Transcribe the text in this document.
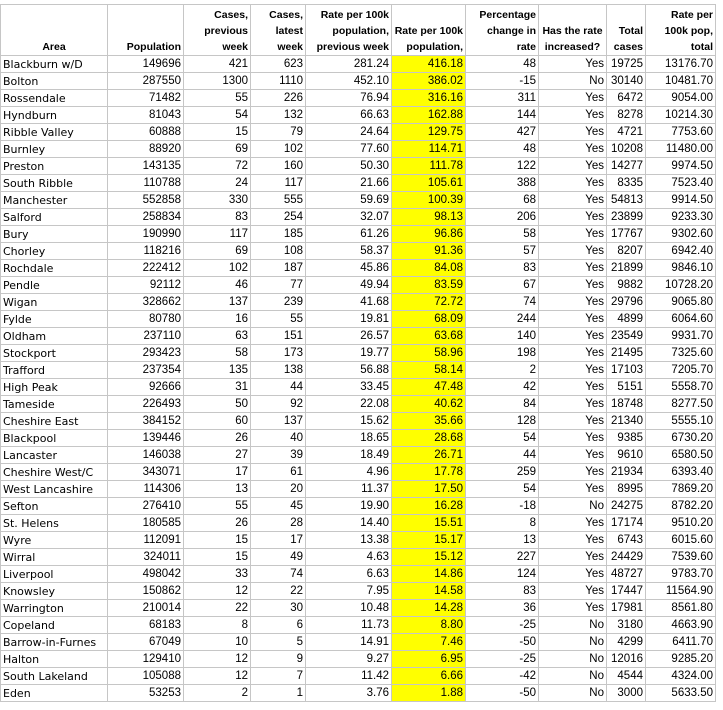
Area	Population	Cases, previous week	Cases, latest week	Rate per 100k population, previous week	Rate per 100k population,	Percentage change in rate	Has the rate increased?	Total cases	Rate per 100k pop, total
Blackburn w/D	149696	421	623	281.24	416.18	48	Yes	19725	13176.70
Bolton	287550	1300	1110	452.10	386.02	-15	No	30140	10481.70
Rossendale	71482	55	226	76.94	316.16	311	Yes	6472	9054.00
Hyndburn	81043	54	132	66.63	162.88	144	Yes	8278	10214.30
Ribble Valley	60888	15	79	24.64	129.75	427	Yes	4721	7753.60
Burnley	88920	69	102	77.60	114.71	48	Yes	10208	11480.00
Preston	143135	72	160	50.30	111.78	122	Yes	14277	9974.50
South Ribble	110788	24	117	21.66	105.61	388	Yes	8335	7523.40
Manchester	552858	330	555	59.69	100.39	68	Yes	54813	9914.50
Salford	258834	83	254	32.07	98.13	206	Yes	23899	9233.30
Bury	190990	117	185	61.26	96.86	58	Yes	17767	9302.60
Chorley	118216	69	108	58.37	91.36	57	Yes	8207	6942.40
Rochdale	222412	102	187	45.86	84.08	83	Yes	21899	9846.10
Pendle	92112	46	77	49.94	83.59	67	Yes	9882	10728.20
Wigan	328662	137	239	41.68	72.72	74	Yes	29796	9065.80
Fylde	80780	16	55	19.81	68.09	244	Yes	4899	6064.60
Oldham	237110	63	151	26.57	63.68	140	Yes	23549	9931.70
Stockport	293423	58	173	19.77	58.96	198	Yes	21495	7325.60
Trafford	237354	135	138	56.88	58.14	2	Yes	17103	7205.70
High Peak	92666	31	44	33.45	47.48	42	Yes	5151	5558.70
Tameside	226493	50	92	22.08	40.62	84	Yes	18748	8277.50
Cheshire East	384152	60	137	15.62	35.66	128	Yes	21340	5555.10
Blackpool	139446	26	40	18.65	28.68	54	Yes	9385	6730.20
Lancaster	146038	27	39	18.49	26.71	44	Yes	9610	6580.50
Cheshire West/C	343071	17	61	4.96	17.78	259	Yes	21934	6393.40
West Lancashire	114306	13	20	11.37	17.50	54	Yes	8995	7869.20
Sefton	276410	55	45	19.90	16.28	-18	No	24275	8782.20
St. Helens	180585	26	28	14.40	15.51	8	Yes	17174	9510.20
Wyre	112091	15	17	13.38	15.17	13	Yes	6743	6015.60
Wirral	324011	15	49	4.63	15.12	227	Yes	24429	7539.60
Liverpool	498042	33	74	6.63	14.86	124	Yes	48727	9783.70
Knowsley	150862	12	22	7.95	14.58	83	Yes	17447	11564.90
Warrington	210014	22	30	10.48	14.28	36	Yes	17981	8561.80
Copeland	68183	8	6	11.73	8.80	-25	No	3180	4663.90
Barrow-in-Furnes	67049	10	5	14.91	7.46	-50	No	4299	6411.70
Halton	129410	12	9	9.27	6.95	-25	No	12016	9285.20
South Lakeland	105088	12	7	11.42	6.66	-42	No	4544	4324.00
Eden	53253	2	1	3.76	1.88	-50	No	3000	5633.50
